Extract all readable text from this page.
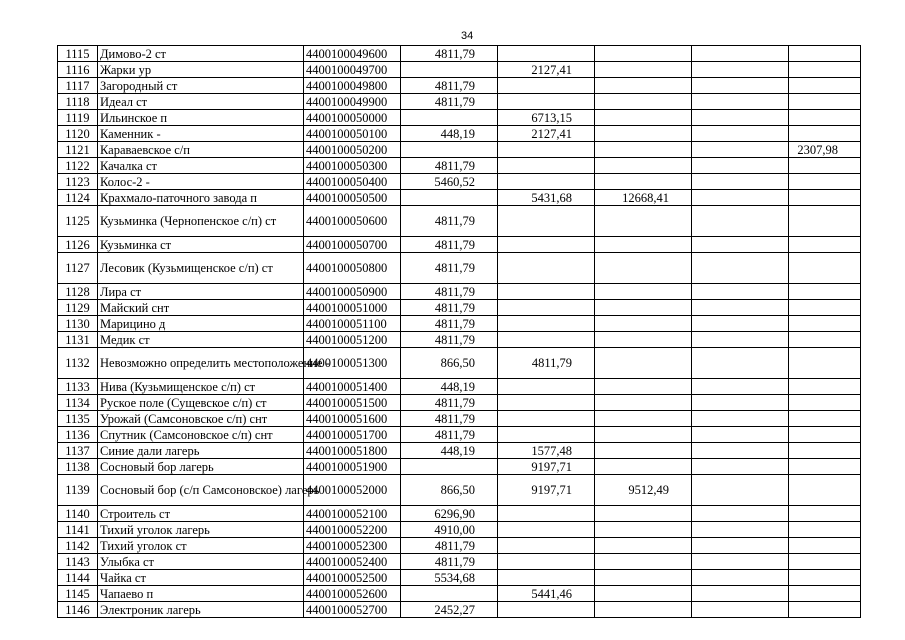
34
1115	Димово-2 ст	4400100049600	4811,79				
1116	Жарки ур	4400100049700		2127,41			
1117	Загородный ст	4400100049800	4811,79				
1118	Идеал ст	4400100049900	4811,79				
1119	Ильинское п	4400100050000		6713,15			
1120	Каменник -	4400100050100	448,19	2127,41			
1121	Караваевское с/п	4400100050200					2307,98
1122	Качалка ст	4400100050300	4811,79				
1123	Колос-2 -	4400100050400	5460,52				
1124	Крахмало-паточного завода п	4400100050500		5431,68	12668,41		
1125	Кузьминка (Чернопенское с/п) ст	4400100050600	4811,79				
1126	Кузьминка ст	4400100050700	4811,79				
1127	Лесовик (Кузьмищенское с/п) ст	4400100050800	4811,79				
1128	Лира ст	4400100050900	4811,79				
1129	Майский снт	4400100051000	4811,79				
1130	Марицино д	4400100051100	4811,79				
1131	Медик ст	4400100051200	4811,79				
1132	Невозможно определить местоположение -	4400100051300	866,50	4811,79			
1133	Нива (Кузьмищенское с/п) ст	4400100051400	448,19				
1134	Руское поле (Сущевское с/п) ст	4400100051500	4811,79				
1135	Урожай (Самсоновское с/п) снт	4400100051600	4811,79				
1136	Спутник (Самсоновское с/п) снт	4400100051700	4811,79				
1137	Синие дали лагерь	4400100051800	448,19	1577,48			
1138	Сосновый бор лагерь	4400100051900		9197,71			
1139	Сосновый бор (с/п Самсоновское) лагерь	4400100052000	866,50	9197,71	9512,49		
1140	Строитель ст	4400100052100	6296,90				
1141	Тихий уголок лагерь	4400100052200	4910,00				
1142	Тихий уголок ст	4400100052300	4811,79				
1143	Улыбка ст	4400100052400	4811,79				
1144	Чайка ст	4400100052500	5534,68				
1145	Чапаево п	4400100052600		5441,46			
1146	Электроник лагерь	4400100052700	2452,27				
